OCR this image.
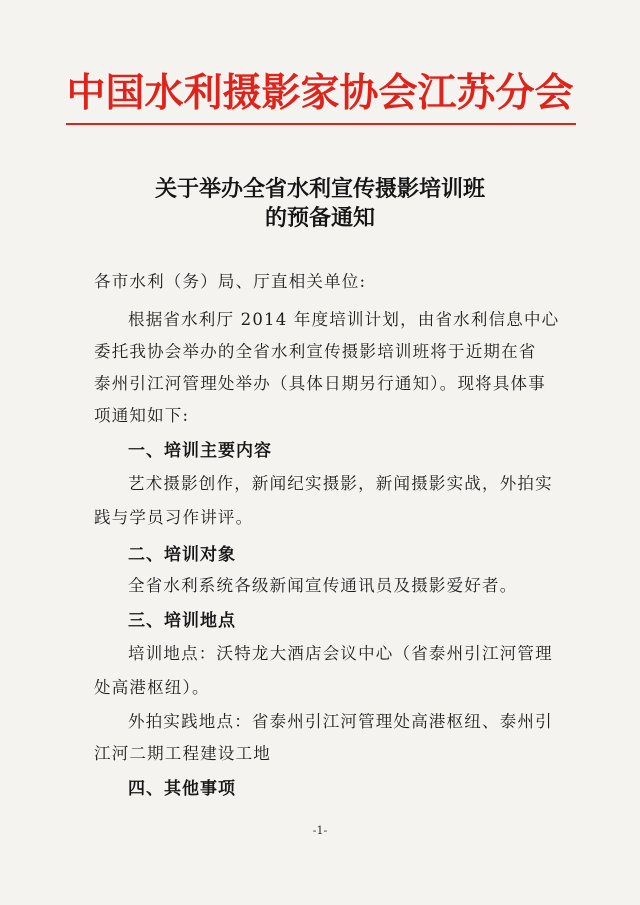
中国水利摄影家协会江苏分会
关于举办全省水利宣传摄影培训班
的预备通知
各市水利（务）局、厅直相关单位:
根据省水利厅 2014 年度培训计划，由省水利信息中心
委托我协会举办的全省水利宣传摄影培训班将于近期在省
泰州引江河管理处举办（具体日期另行通知）。现将具体事
项通知如下:
一、培训主要内容
艺术摄影创作，新闻纪实摄影，新闻摄影实战，外拍实
践与学员习作讲评。
二、培训对象
全省水利系统各级新闻宣传通讯员及摄影爱好者。
三、培训地点
培训地点：沃特龙大酒店会议中心（省泰州引江河管理
处高港枢纽）。
外拍实践地点：省泰州引江河管理处高港枢纽、泰州引
江河二期工程建设工地
四、其他事项
-1-
